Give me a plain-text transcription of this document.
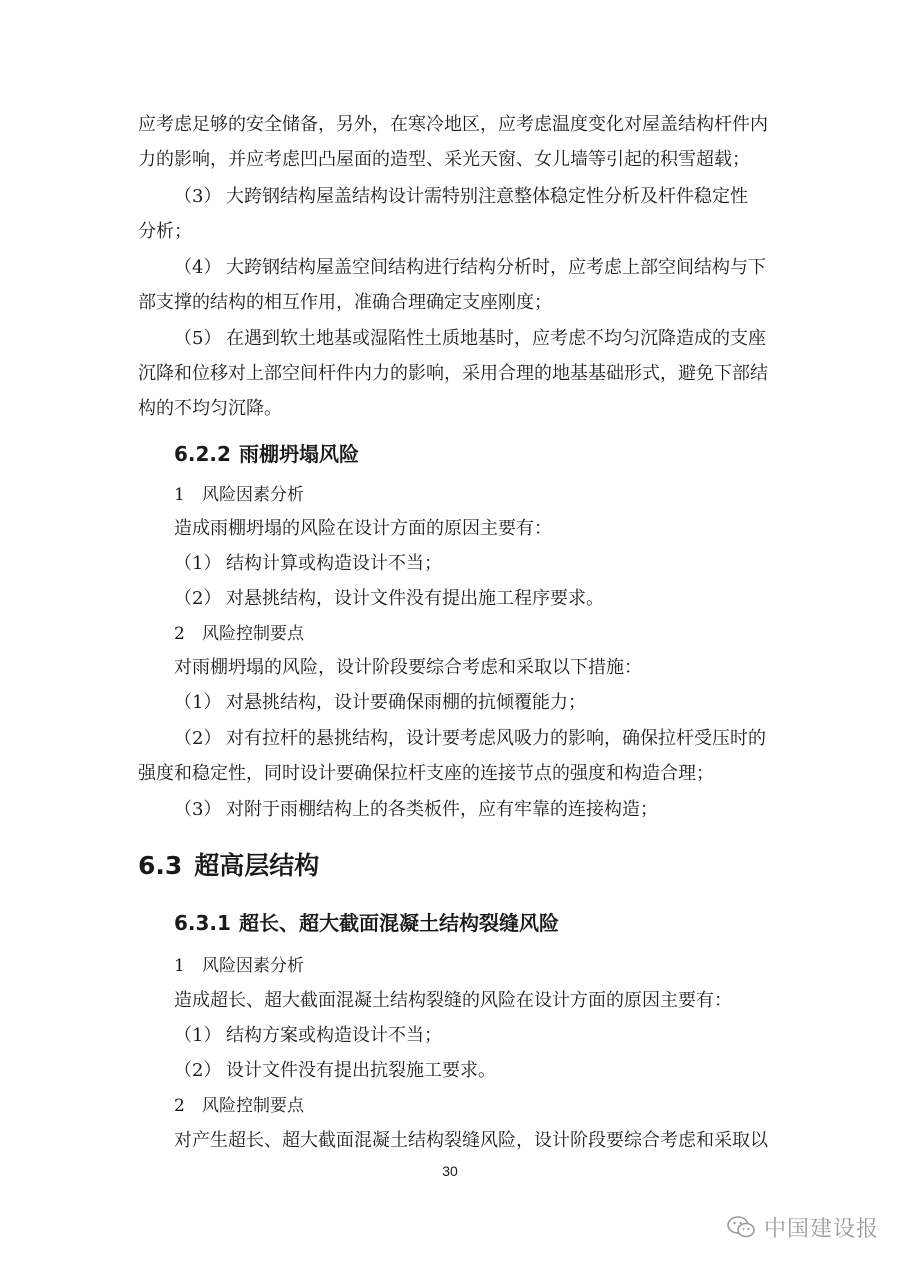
应考虑足够的安全储备，另外，在寒冷地区，应考虑温度变化对屋盖结构杆件内

力的影响，并应考虑凹凸屋面的造型、采光天窗、女儿墙等引起的积雪超载；

（3） 大跨钢结构屋盖结构设计需特别注意整体稳定性分析及杆件稳定性

分析；

（4） 大跨钢结构屋盖空间结构进行结构分析时，应考虑上部空间结构与下

部支撑的结构的相互作用，准确合理确定支座刚度；

（5） 在遇到软土地基或湿陷性土质地基时，应考虑不均匀沉降造成的支座

沉降和位移对上部空间杆件内力的影响，采用合理的地基基础形式，避免下部结

构的不均匀沉降。

6.2.2 雨棚坍塌风险
1 风险因素分析

造成雨棚坍塌的风险在设计方面的原因主要有：

（1） 结构计算或构造设计不当；
（2） 对悬挑结构，设计文件没有提出施工程序要求。
2 风险控制要点

对雨棚坍塌的风险，设计阶段要综合考虑和采取以下措施：

（1） 对悬挑结构，设计要确保雨棚的抗倾覆能力；
（2） 对有拉杆的悬挑结构，设计要考虑风吸力的影响，确保拉杆受压时的

强度和稳定性，同时设计要确保拉杆支座的连接节点的强度和构造合理；

（3） 对附于雨棚结构上的各类板件，应有牢靠的连接构造；
6.3 超高层结构
6.3.1 超长、超大截面混凝土结构裂缝风险
1 风险因素分析

造成超长、超大截面混凝土结构裂缝的风险在设计方面的原因主要有：

（1） 结构方案或构造设计不当；
（2） 设计文件没有提出抗裂施工要求。
2 风险控制要点

对产生超长、超大截面混凝土结构裂缝风险，设计阶段要综合考虑和采取以

30
中国建设报
